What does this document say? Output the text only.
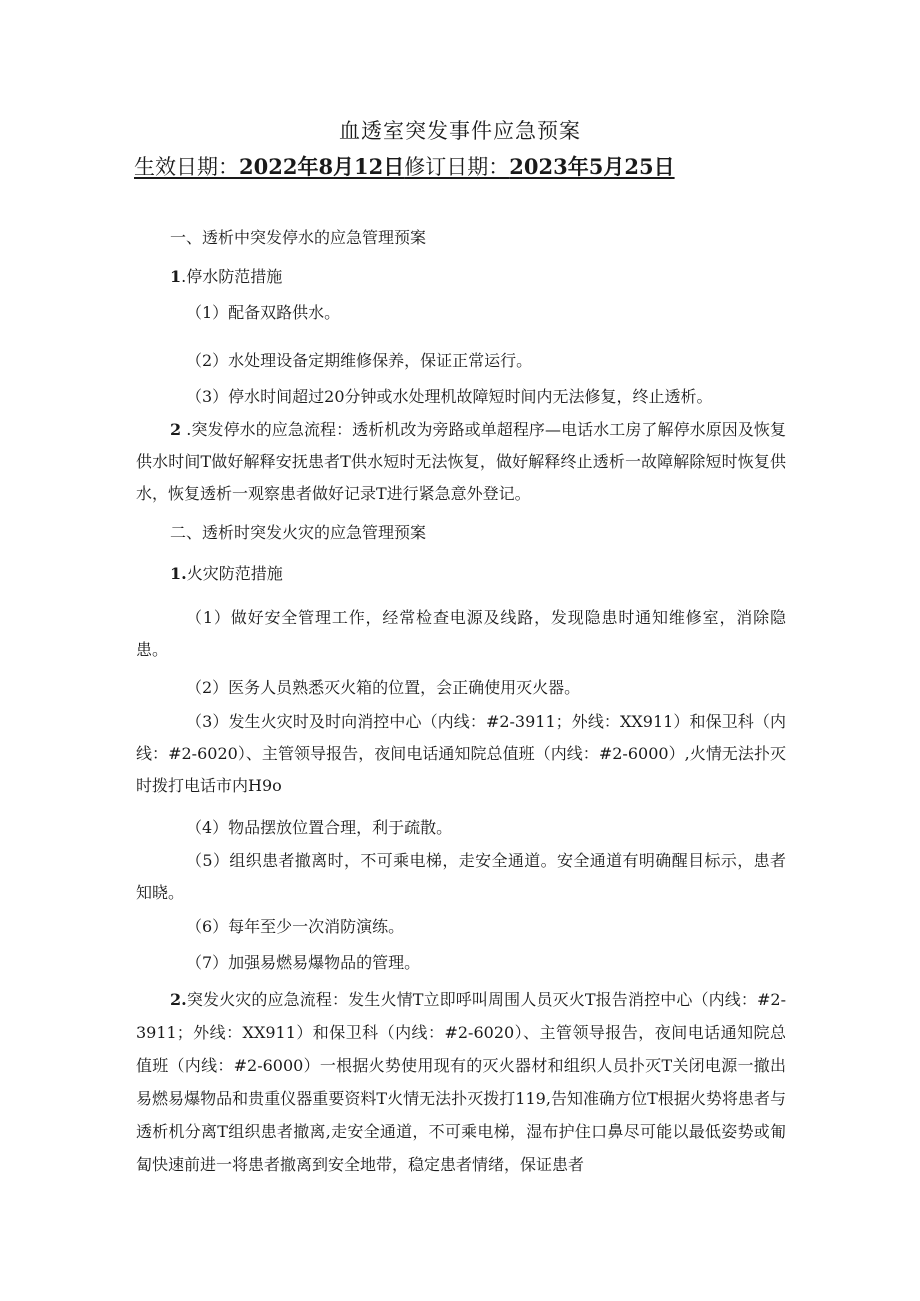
血透室突发事件应急预案

生效日期：2022年8月12日修订日期：2023年5月25日

一、透析中突发停水的应急管理预案

1.停水防范措施

（1）配备双路供水。

（2）水处理设备定期维修保养，保证正常运行。

（3）停水时间超过20分钟或水处理机故障短时间内无法修复，终止透析。

2 .突发停水的应急流程：透析机改为旁路或单超程序—电话水工房了解停水原因及恢复供水时间T做好解释安抚患者T供水短时无法恢复，做好解释终止透析一故障解除短时恢复供水，恢复透析一观察患者做好记录T进行紧急意外登记。

二、透析时突发火灾的应急管理预案

1.火灾防范措施

（1）做好安全管理工作，经常检查电源及线路，发现隐患时通知维修室，消除隐患。

（2）医务人员熟悉灭火箱的位置，会正确使用灭火器。

（3）发生火灾时及时向消控中心（内线：#2-3911；外线：XX911）和保卫科（内线：#2-6020）、主管领导报告，夜间电话通知院总值班（内线：#2-6000）,火情无法扑灭时拨打电话市内H9o

（4）物品摆放位置合理，利于疏散。

（5）组织患者撤离时，不可乘电梯，走安全通道。安全通道有明确醒目标示，患者知晓。

（6）每年至少一次消防演练。

（7）加强易燃易爆物品的管理。

2.突发火灾的应急流程：发生火情T立即呼叫周围人员灭火T报告消控中心（内线：#2-3911；外线：XX911）和保卫科（内线：#2-6020）、主管领导报告，夜间电话通知院总值班（内线：#2-6000）一根据火势使用现有的灭火器材和组织人员扑灭T关闭电源一撤出易燃易爆物品和贵重仪器重要资料T火情无法扑灭拨打119,告知准确方位T根据火势将患者与透析机分离T组织患者撤离,走安全通道，不可乘电梯，湿布护住口鼻尽可能以最低姿势或匍匐快速前进一将患者撤离到安全地带，稳定患者情绪，保证患者
